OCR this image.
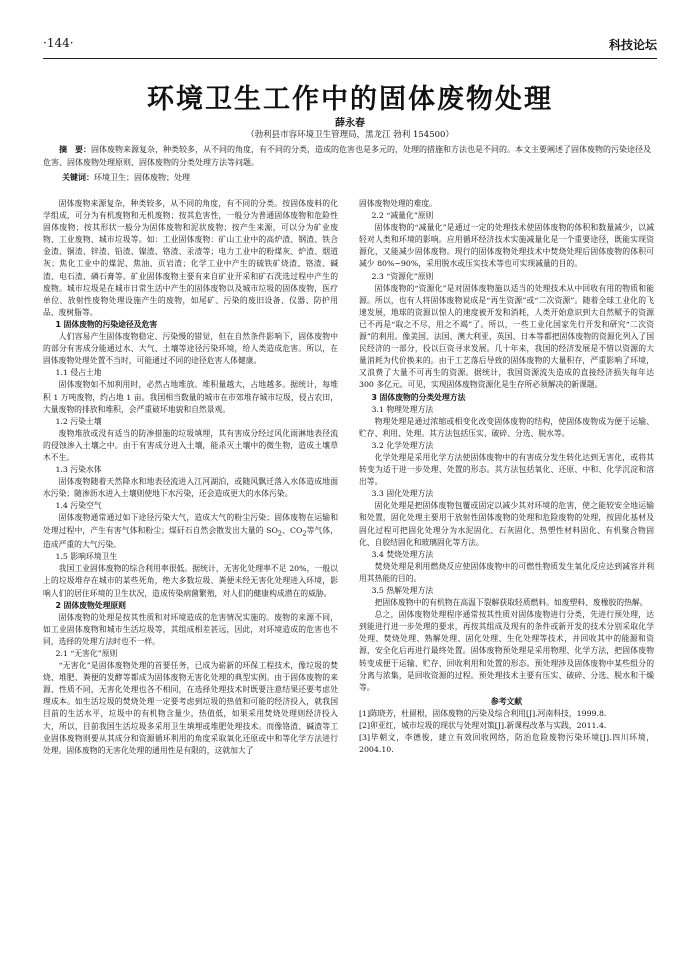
·144·	科技论坛
环境卫生工作中的固体废物处理
薛永春
（勃利县市容环境卫生管理局，黑龙江 勃利 154500）
摘　要：固体废物来源复杂，种类较多，从不同的角度，有不同的分类，造成的危害也是多元的，处理的措施和方法也是不同的。本文主要阐述了固体废物的污染途径及危害、固体废物处理原则、固体废物的分类处理方法等问题。
关键词：环境卫生；固体废物；处理

固体废物来源复杂，种类较多，从不同的角度，有不同的分类。按固体废料的化学组成，可分为有机废物和无机废物；按其危害性，一般分为普通固体废物和危险性固体废物；按其形状一般分为固体废物和泥状废物；按产生来源，可以分为矿业废物、工业废物、城市垃圾等。如：工业固体废物：矿山工业中的高炉渣、钢渣、铁合金渣、铜渣、锌渣、铅渣、镍渣、铬渣、汞渣等；电力工业中的粉煤灰、炉渣、烟道灰；焦化工业中的煤泥、焦油、页岩渣；化学工业中产生的硫铁矿烧渣、铬渣、碱渣、电石渣、磷石膏等。矿业固体废物主要有来自矿业开采和矿石洗选过程中产生的废物。城市垃圾是在城市日常生活中产生的固体废物以及城市垃圾的固体废物，医疗单位、放射性废物处理设施产生的废物，如尾矿、污染的废旧设备、仪器、防护用品、废树脂等。

1 固体废物的污染途径及危害

人们容易产生固体废物稳定、污染慢的错觉，但在自然条件影响下，固体废物中的部分有害成分能通过水、大气、土壤等途径污染环境，给人类造成危害。所以，在固体废物处理处置不当时，可能通过不同的途径危害人体健康。

1.1 侵占土地

固体废物如不加利用时，必然占地堆放。堆积量越大，占地越多。据统计，每堆积 1 万吨废物，约占地 1 亩。我国相当数量的城市在市郊堆存城市垃圾，侵占农田，大量废物的排放和堆积，会严重破坏地貌和自然景观。

1.2 污染土壤

废物堆放或没有适当的防渗措施的垃圾填埋，其有害成分经过风化雨淋地表径流的侵蚀渗入土壤之中。由于有害成分进入土壤，能杀灭土壤中的微生物，造成土壤草木不生。

1.3 污染水体

固体废物随着天然降水和地表径流进入江河湖泊，或随风飘迁落入水体造成地面水污染；随渗沥水进入土壤则使地下水污染，还会造成更大的水体污染。

1.4 污染空气

固体废物通常通过如下途径污染大气，造成大气的粉尘污染；固体废物在运输和处理过程中，产生有害气体和粉尘；煤矸石自然会散发出大量的 $SO_2$、$CO_2$等气体，造成严重的大气污染。

1.5 影响环境卫生

我国工业固体废物的综合利用率很低。据统计，无害化处理率不足 20%，一般以上的垃圾堆存在城市的某些死角，绝大多数垃圾、粪便未经无害化处理进入环境，影响人们的居住环境的卫生状况，造成传染病菌繁殖，对人们的健康构成潜在的威胁。

2 固体废物处理原则

固体废物的处理是按其性质和对环境造成的危害情况实施的。废物的来源不同，如工业固体废物和城市生活垃圾等，其组成相差甚远，因此，对环境造成的危害也不同，选择的处理方法时也不一样。

2.1 “无害化”原则

“无害化”是固体废物处理的首要任务，已成为崭新的环保工程技术，像垃圾的焚烧、堆肥、粪便的发酵等都成为固体废物无害化处理的典型实例。由于固体废物的来源、性质不同，无害化处理也各不相同，在选择处理技术时既要注意结果还要考虑处理成本。如生活垃圾的焚烧处理一定要考虑到垃圾的热值和可能的经济投入，就我国目前的生活水平，垃圾中的有机物含量少，热值低，如果采用焚烧处理则经济投入大，所以，目前我国生活垃圾多采用卫生填埋或堆肥处理技术。而像铬渣、碱渣等工业固体废物则要从其成分和资源循环利用的角度采取氧化还原或中和等化学方法进行处理。固体废物的无害化处理的通用性是有限的，这就加大了

固体废物处理的难度。

2.2 “减量化”原则

固体废物的“减量化”是通过一定的处理技术使固体废物的体积和数量减少，以减轻对人类和环境的影响。应用循环经济技术实施减量化是一个重要途径，既能实现资源化，又能减少固体废物。现行的固体废物处理技术中焚烧处理后固体废物的体积可减少 80%~90%，采用脱水或压实技术等也可实现减量的目的。

2.3 “资源化”原则

固体废物的“资源化”是对固体废物施以适当的处理技术从中回收有用的物质和能源。所以，也有人将固体废物说成是“再生资源”或“二次资源”。随着全球工业化的飞速发展，地球的资源以惊人的速度被开发和消耗，人类开始意识到大自然赋予的资源已不再是“取之不尽，用之不竭”了。所以，一些工业化国家先行开发和研究“二次资源”的利用。像美国、法国、澳大利亚、英国、日本等都把固体废物的资源化列入了国民经济的一部分，投以巨资寻求发展。几十年来，我国的经济发展是不惜以资源的大量消耗为代价换来的。由于工艺落后导致的固体废物的大量积存，严重影响了环境，又浪费了大量不可再生的资源。据统计，我国资源流失造成的直接经济损失每年达 300 多亿元。可见，实现固体废物资源化是生存所必须解决的新课题。

3 固体废物的分类处理方法
3.1 物理处理方法

物理处理是通过浓缩或相变化改变固体废物的结构，使固体废物成为便于运输、贮存、利用、处理。其方法包括压实、破碎、分选、脱水等。

3.2 化学处理方法

化学处理是采用化学方法使固体废物中的有害成分发生转化达到无害化，或将其转变为适于进一步处理、处置的形态。其方法包括氧化、还原、中和、化学沉淀和溶出等。

3.3 固化处理方法

固化处理是把固体废物包覆或固定以减少其对环境的危害，使之能较安全地运输和处置，固化处理主要用于放射性固体废物的处理和危险废物的处理，按固化基材及固化过程可把固化处理分为水泥固化、石灰固化、热塑性材料固化、有机聚合物固化、自胶结固化和玻璃固化等方法。

3.4 焚烧处理方法

焚烧处理是利用燃烧反应使固体废物中的可燃性物质发生氧化反应达到减容并利用其热能的目的。

3.5 热解处理方法

把固体废物中的有机物在高温下裂解获取轻质燃料。如废塑料、废橡胶的热解。

总之，固体废物处理程序通常按其性质对固体废物进行分类，先进行预处理，达到能进行进一步处理的要求，再按其组成及现有的条件或新开发的技术分别采取化学处理、焚烧处理、熟解处理、固化处理、生化处理等技术，并回收其中的能源和资源，安全化后再进行最终处置。固体废物预处理是采用物理、化学方法，把固体废物转变成便于运输、贮存、回收利用和处置的形态。预处理涉及固体废物中某些组分的分离与浓集，是回收资源的过程。预处理技术主要有压实、破碎、分选、脱水和干燥等。

参考文献

[1]陈晓芳，杜留根，固体废物的污染及综合利用[J].河南科技，1999.8.

[2]卯亚红，城市垃圾的现状与处理对策[J].新课程改革与实践，2011.4.

[3]毕朝文，李德俊，建立有效回收网络，防治危险废物污染环境[J].四川环境，2004.10.
